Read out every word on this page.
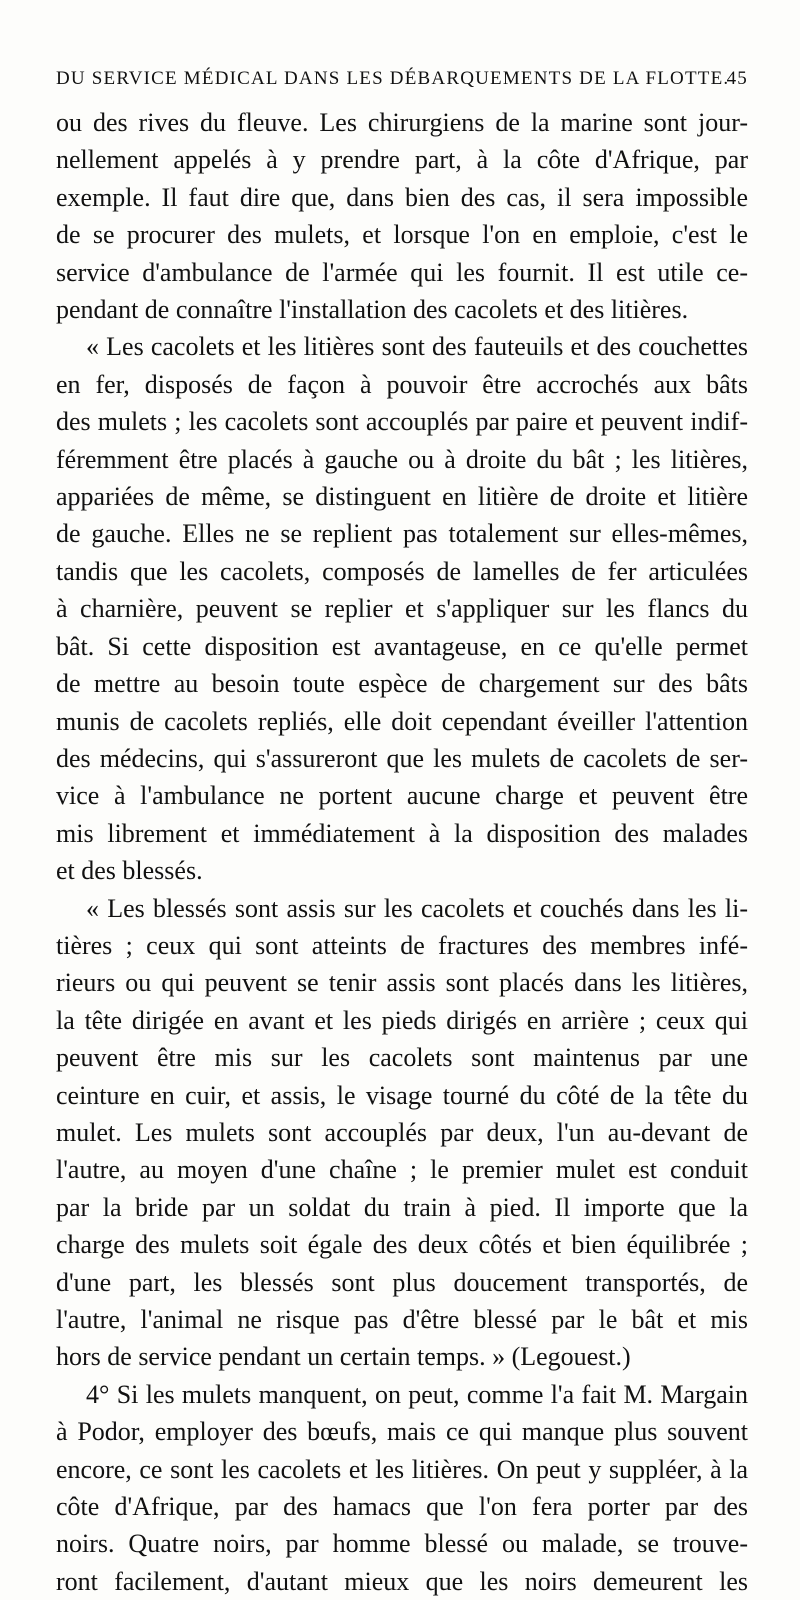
DU SERVICE MÉDICAL DANS LES DÉBARQUEMENTS DE LA FLOTTE.
45
ou des rives du fleuve. Les chirurgiens de la marine sont jour-
nellement appelés à y prendre part, à la côte d'Afrique, par
exemple. Il faut dire que, dans bien des cas, il sera impossible
de se procurer des mulets, et lorsque l'on en emploie, c'est le
service d'ambulance de l'armée qui les fournit. Il est utile ce-
pendant de connaître l'installation des cacolets et des litières.
« Les cacolets et les litières sont des fauteuils et des couchettes
en fer, disposés de façon à pouvoir être accrochés aux bâts
des mulets ; les cacolets sont accouplés par paire et peuvent indif-
féremment être placés à gauche ou à droite du bât ; les litières,
appariées de même, se distinguent en litière de droite et litière
de gauche. Elles ne se replient pas totalement sur elles-mêmes,
tandis que les cacolets, composés de lamelles de fer articulées
à charnière, peuvent se replier et s'appliquer sur les flancs du
bât. Si cette disposition est avantageuse, en ce qu'elle permet
de mettre au besoin toute espèce de chargement sur des bâts
munis de cacolets repliés, elle doit cependant éveiller l'attention
des médecins, qui s'assureront que les mulets de cacolets de ser-
vice à l'ambulance ne portent aucune charge et peuvent être
mis librement et immédiatement à la disposition des malades
et des blessés.
« Les blessés sont assis sur les cacolets et couchés dans les li-
tières ; ceux qui sont atteints de fractures des membres infé-
rieurs ou qui peuvent se tenir assis sont placés dans les litières,
la tête dirigée en avant et les pieds dirigés en arrière ; ceux qui
peuvent être mis sur les cacolets sont maintenus par une
ceinture en cuir, et assis, le visage tourné du côté de la tête du
mulet. Les mulets sont accouplés par deux, l'un au-devant de
l'autre, au moyen d'une chaîne ; le premier mulet est conduit
par la bride par un soldat du train à pied. Il importe que la
charge des mulets soit égale des deux côtés et bien équilibrée ;
d'une part, les blessés sont plus doucement transportés, de
l'autre, l'animal ne risque pas d'être blessé par le bât et mis
hors de service pendant un certain temps. » (Legouest.)
4° Si les mulets manquent, on peut, comme l'a fait M. Margain
à Podor, employer des bœufs, mais ce qui manque plus souvent
encore, ce sont les cacolets et les litières. On peut y suppléer, à la
côte d'Afrique, par des hamacs que l'on fera porter par des
noirs. Quatre noirs, par homme blessé ou malade, se trouve-
ront facilement, d'autant mieux que les noirs demeurent les
